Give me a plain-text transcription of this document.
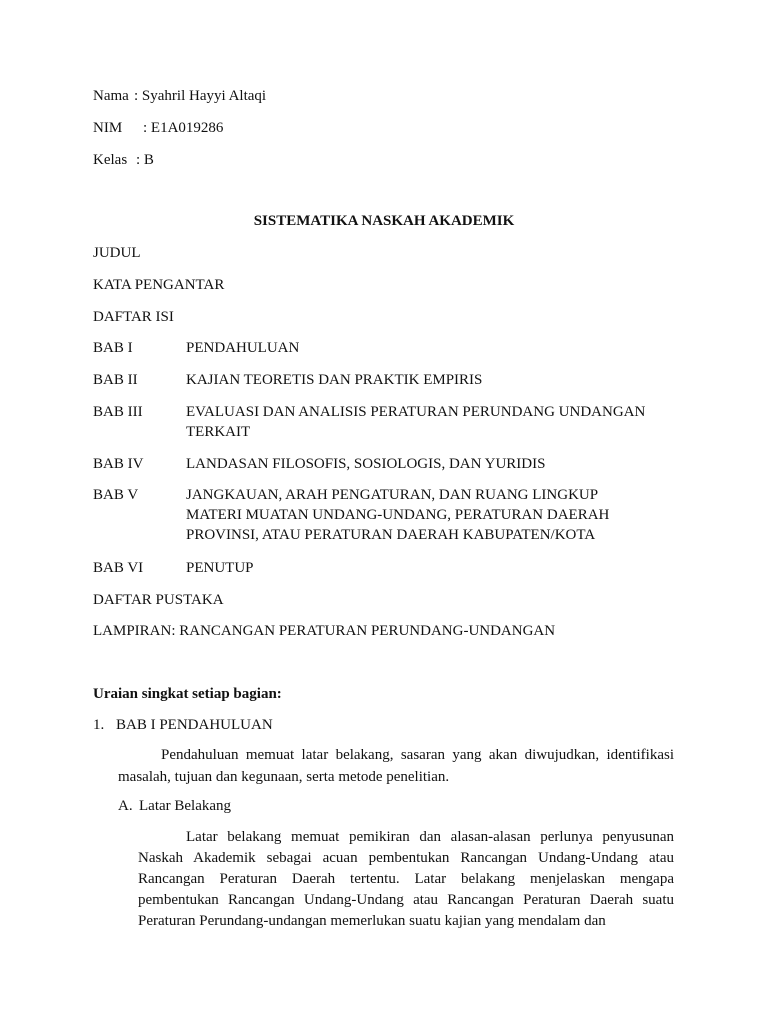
Nama : Syahril Hayyi Altaqi
NIM : E1A019286
Kelas : B
SISTEMATIKA NASKAH AKADEMIK
JUDUL
KATA PENGANTAR
DAFTAR ISI
BAB I	PENDAHULUAN
BAB II	KAJIAN TEORETIS DAN PRAKTIK EMPIRIS
BAB III	EVALUASI DAN ANALISIS PERATURAN PERUNDANG UNDANGAN
TERKAIT
BAB IV	LANDASAN FILOSOFIS, SOSIOLOGIS, DAN YURIDIS
BAB V	JANGKAUAN, ARAH PENGATURAN, DAN RUANG LINGKUP
MATERI MUATAN UNDANG-UNDANG, PERATURAN DAERAH
PROVINSI, ATAU PERATURAN DAERAH KABUPATEN/KOTA
BAB VI	PENUTUP
DAFTAR PUSTAKA
LAMPIRAN: RANCANGAN PERATURAN PERUNDANG-UNDANGAN
Uraian singkat setiap bagian:
1. BAB I PENDAHULUAN
Pendahuluan memuat latar belakang, sasaran yang akan diwujudkan, identifikasi masalah, tujuan dan kegunaan, serta metode penelitian.
A. Latar Belakang
Latar belakang memuat pemikiran dan alasan-alasan perlunya penyusunan Naskah Akademik sebagai acuan pembentukan Rancangan Undang-Undang atau Rancangan Peraturan Daerah tertentu. Latar belakang menjelaskan mengapa pembentukan Rancangan Undang-Undang atau Rancangan Peraturan Daerah suatu Peraturan Perundang-undangan memerlukan suatu kajian yang mendalam dan
